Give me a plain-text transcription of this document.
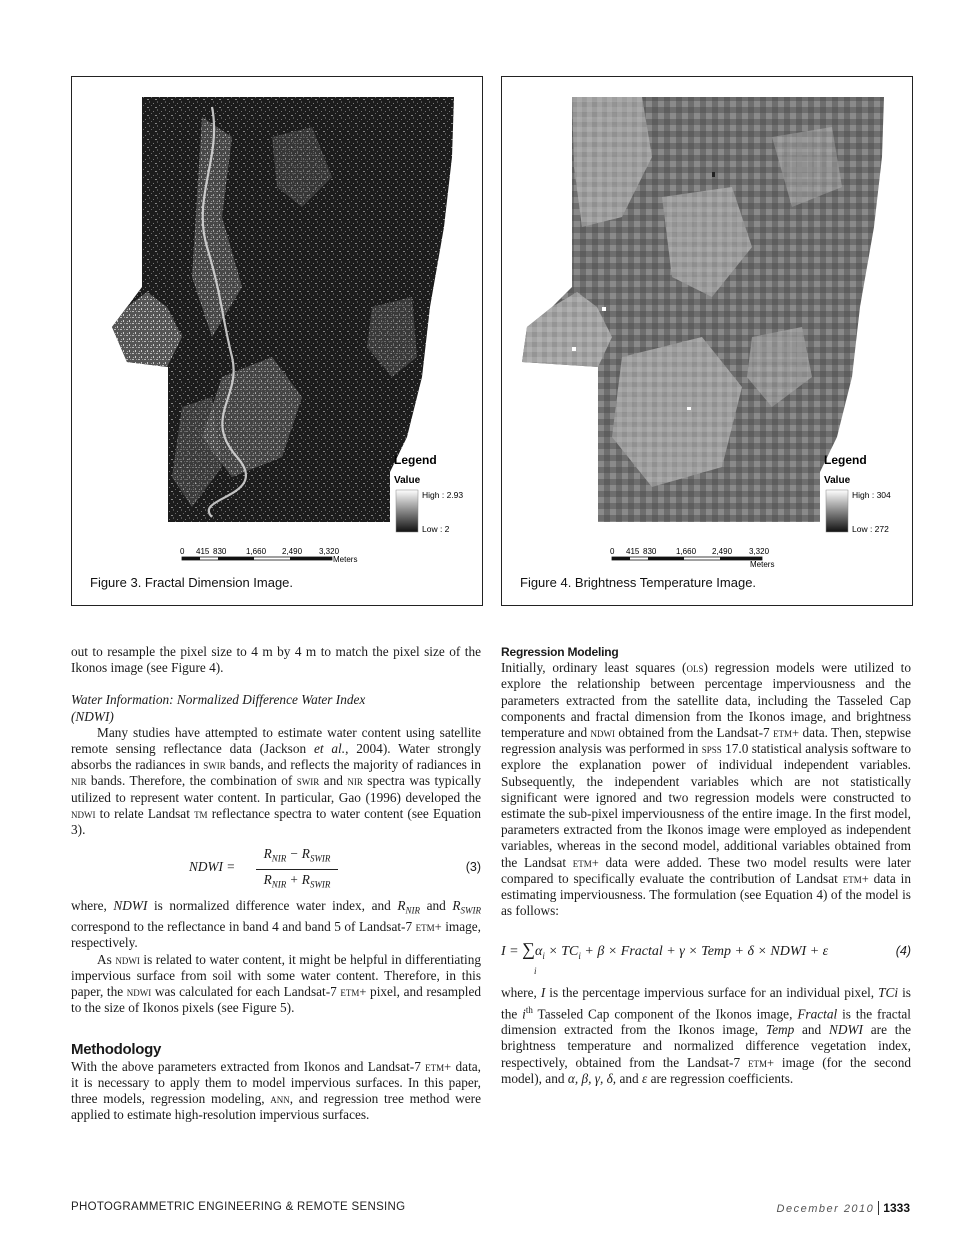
Legend
Value
High : 2.93
Low : 2
0 415 830 1,660 2,490 3,320
Meters
Figure 3. Fractal Dimension Image.
Legend
Value
High : 304
Low : 272
0 415 830 1,660 2,490 3,320
Meters
Figure 4. Brightness Temperature Image.

out to resample the pixel size to 4 m by 4 m to match the pixel size of the Ikonos image (see Figure 4).

Water Information: Normalized Difference Water Index
(NDWI)

Many studies have attempted to estimate water content using satellite remote sensing reflectance data (Jackson et al., 2004). Water strongly absorbs the radiances in swir bands, and reflects the majority of radiances in nir bands. Therefore, the combination of swir and nir spectra was typically utilized to represent water content. In particular, Gao (1996) developed the ndwi to relate Landsat tm reflectance spectra to water content (see Equation 3).

NDWI =
$R_{NIR} - R_{SWIR}$
$R_{NIR} + R_{SWIR}$
(3)

where, NDWI is normalized difference water index, and $R_{NIR}$ and $R_{SWIR}$ correspond to the reflectance in band 4 and band 5 of Landsat-7 etm+ image, respectively.

As ndwi is related to water content, it might be helpful in differentiating impervious surface from soil with some water content. Therefore, in this paper, the ndwi was calculated for each Landsat-7 etm+ pixel, and resampled to the size of Ikonos pixels (see Figure 5).

Methodology

With the above parameters extracted from Ikonos and Landsat-7 etm+ data, it is necessary to apply them to model impervious surfaces. In this paper, three models, regression modeling, ann, and regression tree method were applied to estimate high-resolution impervious surfaces.

Regression Modeling

Initially, ordinary least squares (ols) regression models were utilized to explore the relationship between percentage imperviousness and the parameters extracted from the satellite data, including the Tasseled Cap components and fractal dimension from the Ikonos image, and brightness temperature and ndwi obtained from the Landsat-7 etm+ data. Then, stepwise regression analysis was performed in spss 17.0 statistical analysis software to explore the explanation power of individual independent variables. Subsequently, the independent variables which are not statistically significant were ignored and two regression models were constructed to estimate the sub-pixel imperviousness of the entire image. In the first model, parameters extracted from the Ikonos image were employed as independent variables, whereas in the second model, additional variables obtained from the Landsat etm+ data were added. These two model results were later compared to specifically evaluate the contribution of Landsat etm+ data in estimating imperviousness. The formulation (see Equation 4) of the model is as follows:

$I = \sum\alpha_i \times TC_i + \beta$ × Fractal + γ × Temp + δ × NDWI + ε
i
(4)

where, I is the percentage impervious surface for an individual pixel, TCi is the $i^{th}$ Tasseled Cap component of the Ikonos image, Fractal is the fractal dimension extracted from the Ikonos image, Temp and NDWI are the brightness temperature and normalized difference vegetation index, respectively, obtained from the Landsat-7 etm+ image (for the second model), and α, β, γ, δ, and ε are regression coefficients.

PHOTOGRAMMETRIC ENGINEERING & REMOTE SENSING	December 2010 1333
